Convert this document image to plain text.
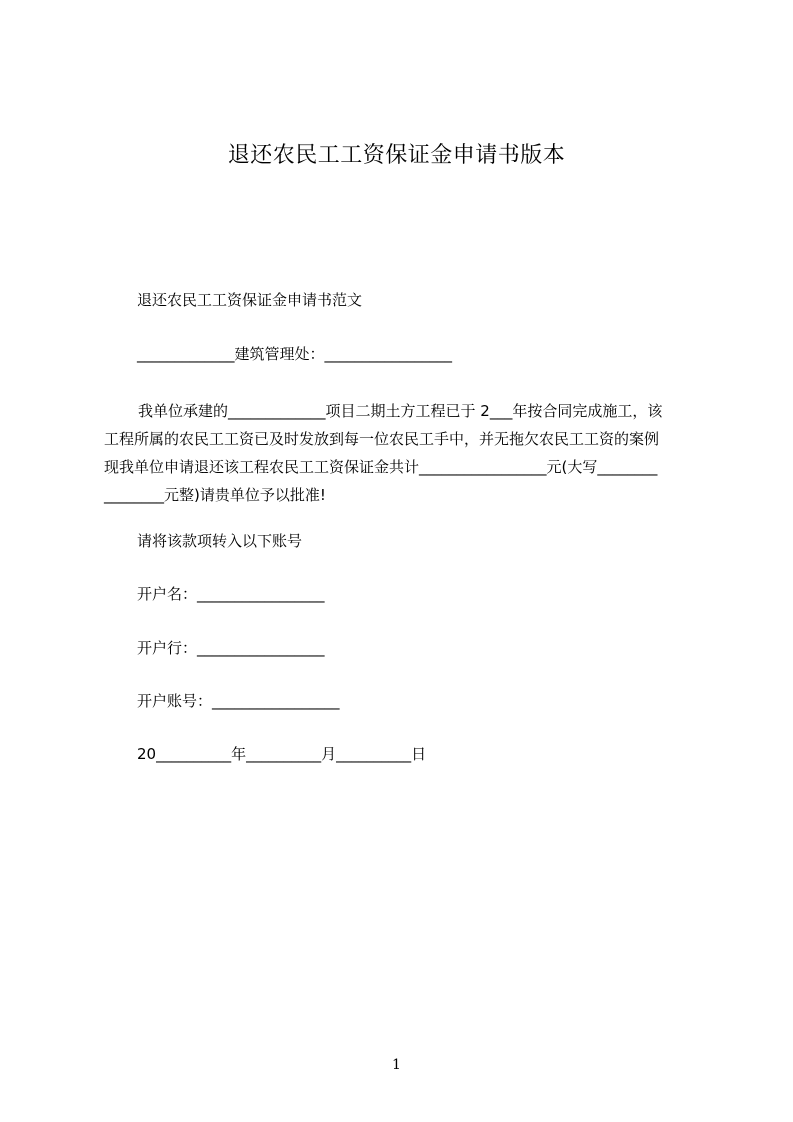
退还农民工工资保证金申请书版本
退还农民工工资保证金申请书范文
_____________建筑管理处：_________________
我单位承建的_____________项目二期土方工程已于 2___年按合同完成施工，该
工程所属的农民工工资已及时发放到每一位农民工手中，并无拖欠农民工工资的案例
现我单位申请退还该工程农民工工资保证金共计_________________元(大写________
________元整)请贵单位予以批准!
请将该款项转入以下账号
开户名：_________________
开户行：_________________
开户账号：_________________
20__________年__________月__________日
1
